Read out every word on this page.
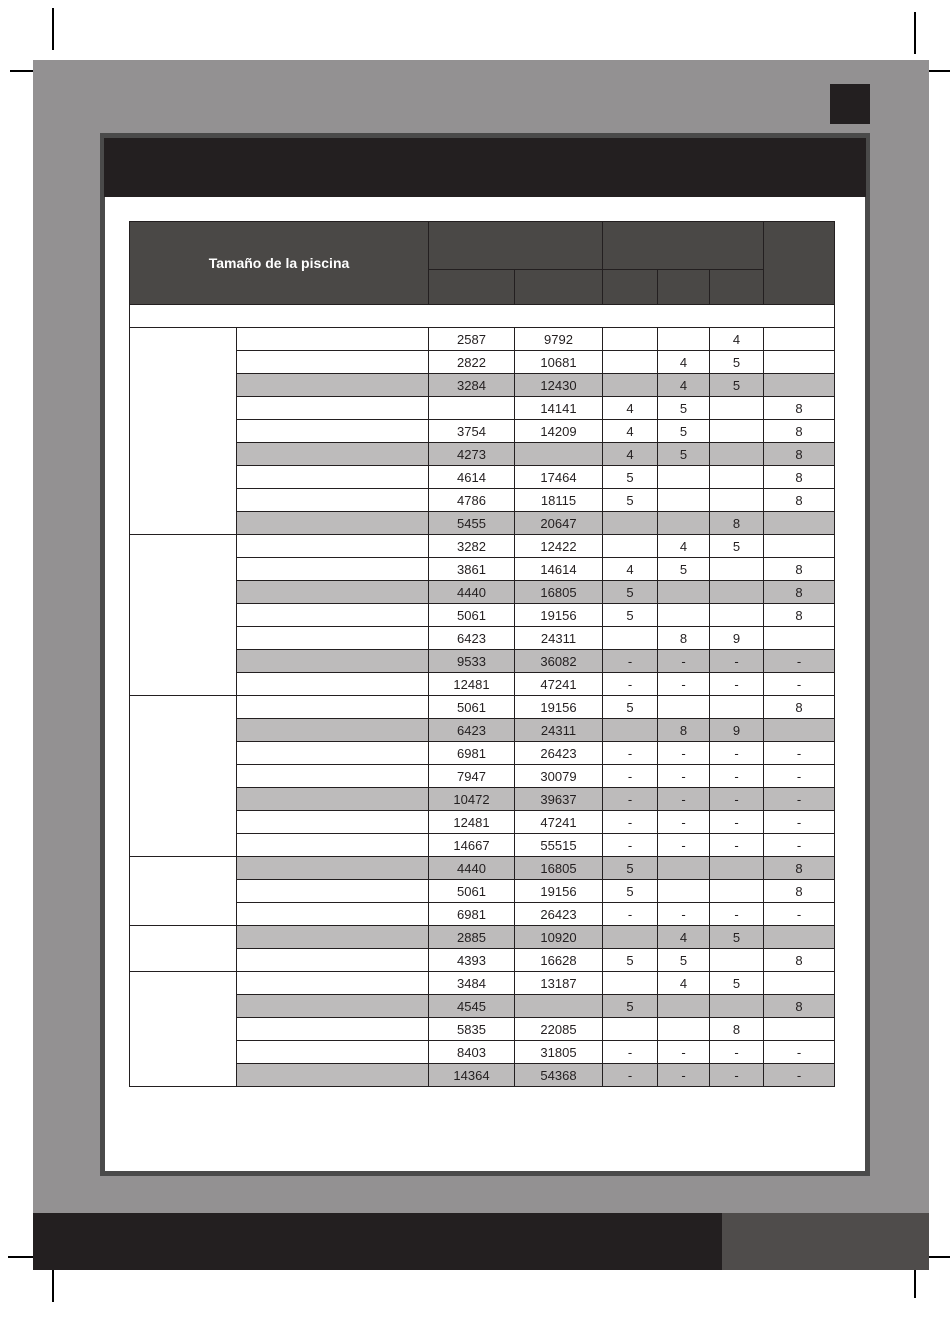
Tamaño de la piscina							

		2587	9792			4	
		2822	10681		4	5	
		3284	12430		4	5	
			14141	4	5		8
		3754	14209	4	5		8
		4273		4	5		8
		4614	17464	5			8
		4786	18115	5			8
		5455	20647			8	
		3282	12422		4	5	
		3861	14614	4	5		8
		4440	16805	5			8
		5061	19156	5			8
		6423	24311		8	9	
		9533	36082	-	-	-	-
		12481	47241	-	-	-	-
		5061	19156	5			8
		6423	24311		8	9	
		6981	26423	-	-	-	-
		7947	30079	-	-	-	-
		10472	39637	-	-	-	-
		12481	47241	-	-	-	-
		14667	55515	-	-	-	-
		4440	16805	5			8
		5061	19156	5			8
		6981	26423	-	-	-	-
		2885	10920		4	5	
		4393	16628	5	5		8
		3484	13187		4	5	
		4545		5			8
		5835	22085			8	
		8403	31805	-	-	-	-
		14364	54368	-	-	-	-
